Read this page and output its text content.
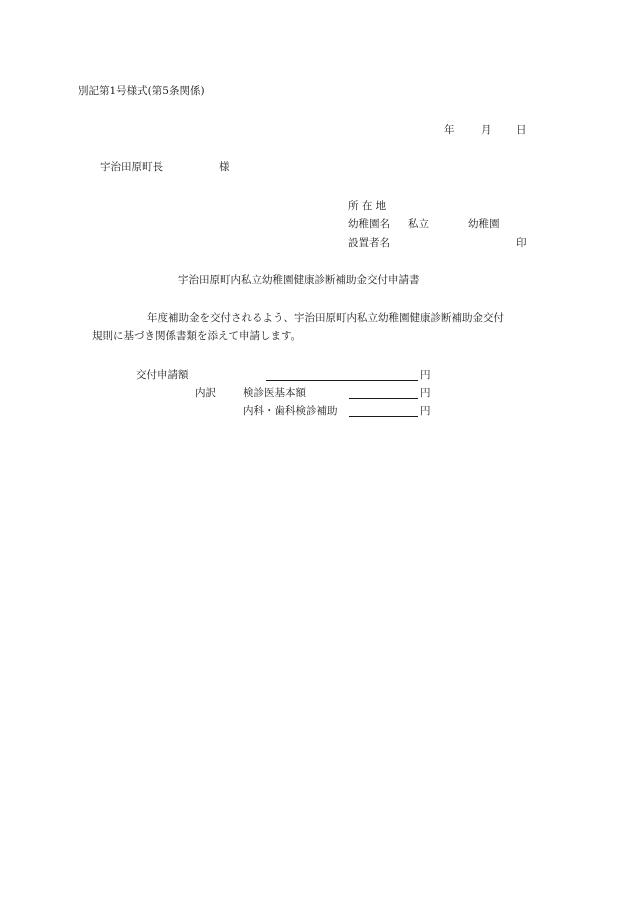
別記第1号様式(第5条関係)
年	月 日
宇治田原町長	様
所 在 地
幼稚園名 私立	幼稚園
設置者名	印
宇治田原町内私立幼稚園健康診断補助金交付申請書
年度補助金を交付されるよう、宇治田原町内私立幼稚園健康診断補助金交付
規則に基づき関係書類を添えて申請します。
交付申請額	円
内訳	検診医基本額	円
内科・歯科検診補助	円
